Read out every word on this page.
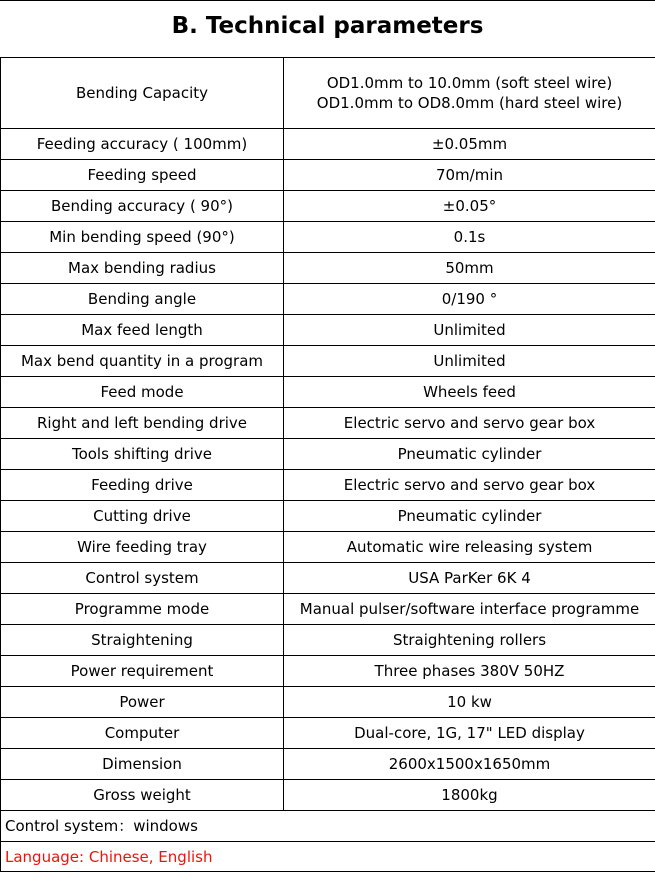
B. Technical parameters
Bending Capacity	OD1.0mm to 10.0mm (soft steel wire)
OD1.0mm to OD8.0mm (hard steel wire)

Feeding accuracy ( 100mm)	±0.05mm
Feeding speed	70m/min
Bending accuracy ( 90°)	±0.05°
Min bending speed (90°)	0.1s
Max bending radius	50mm
Bending angle	0/190 °
Max feed length	Unlimited
Max bend quantity in a program	Unlimited
Feed mode	Wheels feed
Right and left bending drive	Electric servo and servo gear box
Tools shifting drive	Pneumatic cylinder
Feeding drive	Electric servo and servo gear box
Cutting drive	Pneumatic cylinder
Wire feeding tray	Automatic wire releasing system
Control system	USA ParKer 6K 4
Programme mode	Manual pulser/software interface programme
Straightening	Straightening rollers
Power requirement	Three phases 380V 50HZ
Power	10 kw
Computer	Dual-core, 1G, 17" LED display
Dimension	2600x1500x1650mm
Gross weight	1800kg
Control system：windows	
Language: Chinese, English	
